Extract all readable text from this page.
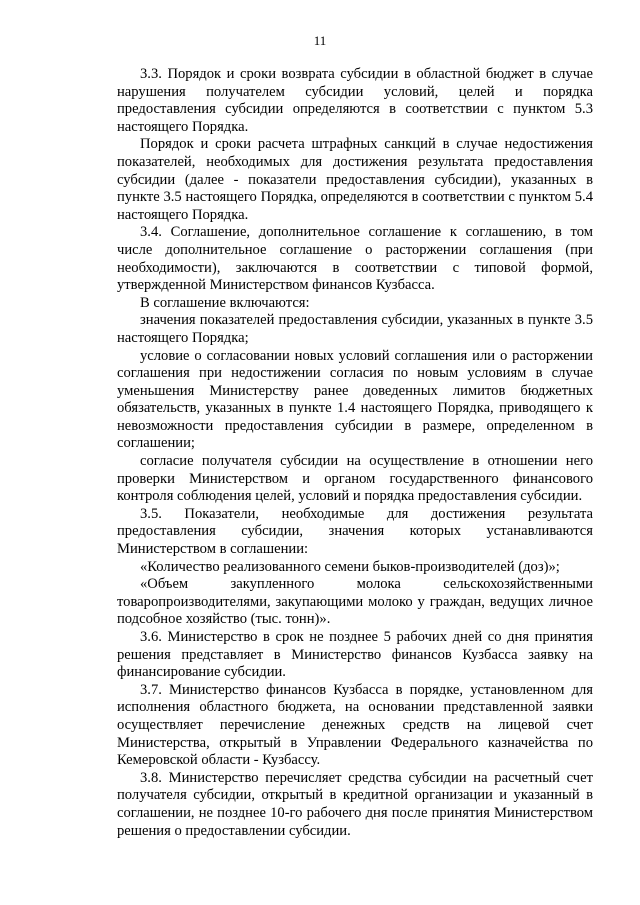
11

3.3. Порядок и сроки возврата субсидии в областной бюджет в случае нарушения получателем субсидии условий, целей и порядка предоставления субсидии определяются в соответствии с пунктом 5.3 настоящего Порядка.

Порядок и сроки расчета штрафных санкций в случае недостижения показателей, необходимых для достижения результата предоставления субсидии (далее - показатели предоставления субсидии), указанных в пункте 3.5 настоящего Порядка, определяются в соответствии с пунктом 5.4 настоящего Порядка.

3.4. Соглашение, дополнительное соглашение к соглашению, в том числе дополнительное соглашение о расторжении соглашения (при необходимости), заключаются в соответствии с типовой формой, утвержденной Министерством финансов Кузбасса.

В соглашение включаются:

значения показателей предоставления субсидии, указанных в пункте 3.5 настоящего Порядка;

условие о согласовании новых условий соглашения или о расторжении соглашения при недостижении согласия по новым условиям в случае уменьшения Министерству ранее доведенных лимитов бюджетных обязательств, указанных в пункте 1.4 настоящего Порядка, приводящего к невозможности предоставления субсидии в размере, определенном в соглашении;

согласие получателя субсидии на осуществление в отношении него проверки Министерством и органом государственного финансового контроля соблюдения целей, условий и порядка предоставления субсидии.

3.5. Показатели, необходимые для достижения результата предоставления субсидии, значения которых устанавливаются Министерством в соглашении:

«Количество реализованного семени быков-производителей (доз)»;

«Объем закупленного молока сельскохозяйственными товаропроизводителями, закупающими молоко у граждан, ведущих личное подсобное хозяйство (тыс. тонн)».

3.6. Министерство в срок не позднее 5 рабочих дней со дня принятия решения представляет в Министерство финансов Кузбасса заявку на финансирование субсидии.

3.7. Министерство финансов Кузбасса в порядке, установленном для исполнения областного бюджета, на основании представленной заявки осуществляет перечисление денежных средств на лицевой счет Министерства, открытый в Управлении Федерального казначейства по Кемеровской области - Кузбассу.

3.8. Министерство перечисляет средства субсидии на расчетный счет получателя субсидии, открытый в кредитной организации и указанный в соглашении, не позднее 10-го рабочего дня после принятия Министерством решения о предоставлении субсидии.
